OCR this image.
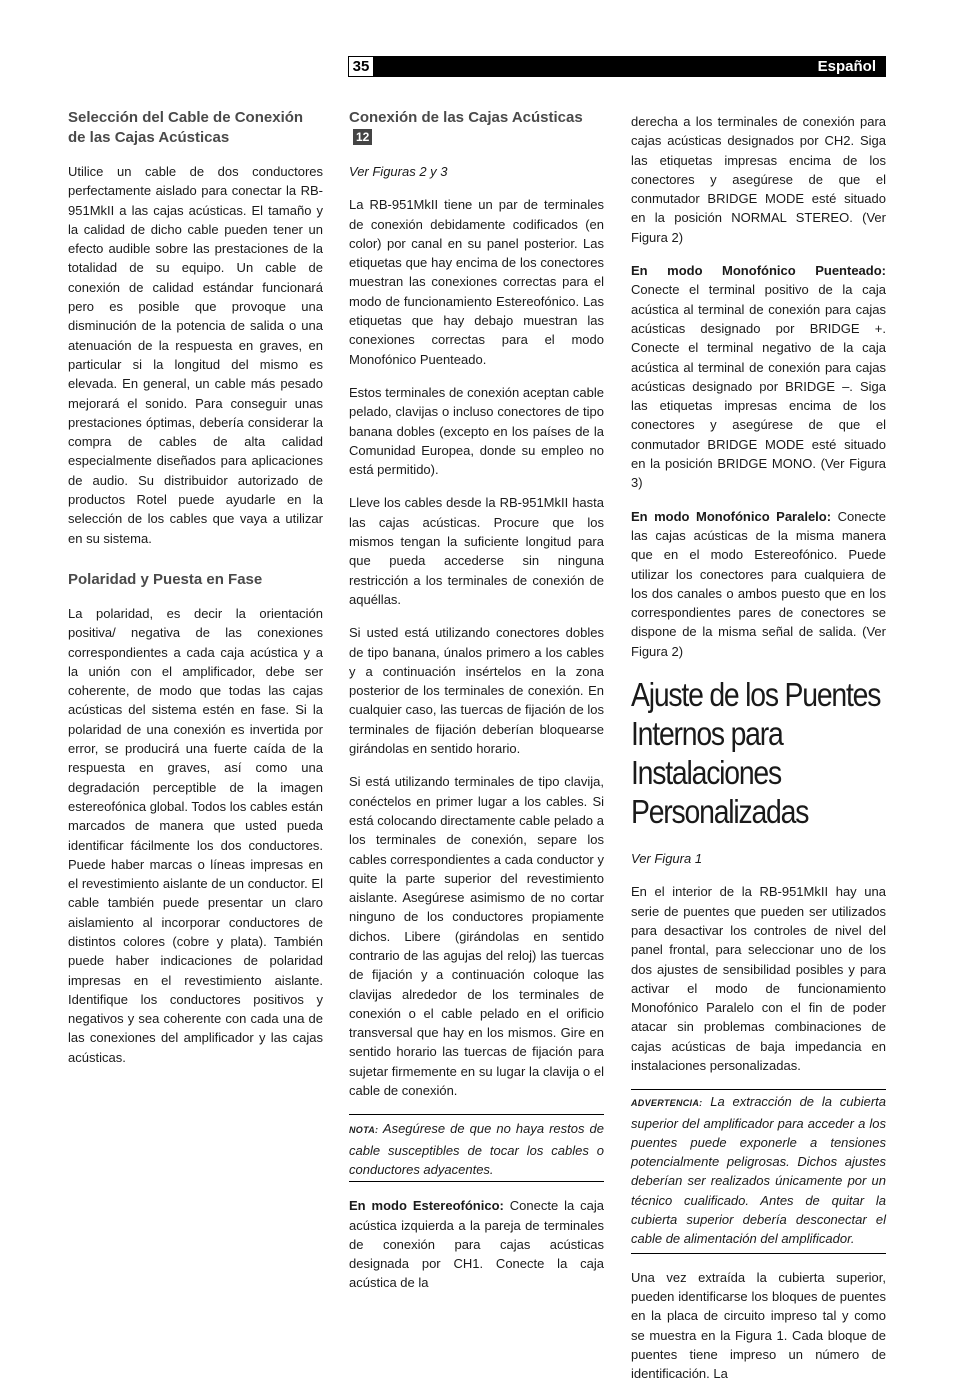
35	Español
Selección del Cable de Conexión de las Cajas Acústicas

Utilice un cable de dos conductores perfectamente aislado para conectar la RB-951MkII a las cajas acústicas. El tamaño y la calidad de dicho cable pueden tener un efecto audible sobre las prestaciones de la totalidad de su equipo. Un cable de conexión de calidad estándar funcionará pero es posible que provoque una disminución de la potencia de salida o una atenuación de la respuesta en graves, en particular si la longitud del mismo es elevada. En general, un cable más pesado mejorará el sonido. Para conseguir unas prestaciones óptimas, debería considerar la compra de cables de alta calidad especialmente diseñados para aplicaciones de audio. Su distribuidor autorizado de productos Rotel puede ayudarle en la selección de los cables que vaya a utilizar en su sistema.

Polaridad y Puesta en Fase

La polaridad, es decir la orientación positiva/ negativa de las conexiones correspondientes a cada caja acústica y a la unión con el amplificador, debe ser coherente, de modo que todas las cajas acústicas del sistema estén en fase. Si la polaridad de una conexión es invertida por error, se producirá una fuerte caída de la respuesta en graves, así como una degradación perceptible de la imagen estereofónica global. Todos los cables están marcados de manera que usted pueda identificar fácilmente los dos conductores. Puede haber marcas o líneas impresas en el revestimiento aislante de un conductor. El cable también puede presentar un claro aislamiento al incorporar conductores de distintos colores (cobre y plata). También puede haber indicaciones de polaridad impresas en el revestimiento aislante. Identifique los conductores positivos y negativos y sea coherente con cada una de las conexiones del amplificador y las cajas acústicas.

Conexión de las Cajas Acústicas12

Ver Figuras 2 y 3

La RB-951MkII tiene un par de terminales de conexión debidamente codificados (en color) por canal en su panel posterior. Las etiquetas que hay encima de los conectores muestran las conexiones correctas para el modo de funcionamiento Estereofónico. Las etiquetas que hay debajo muestran las conexiones correctas para el modo Monofónico Puenteado.

Estos terminales de conexión aceptan cable pelado, clavijas o incluso conectores de tipo banana dobles (excepto en los países de la Comunidad Europea, donde su empleo no está permitido).

Lleve los cables desde la RB-951MkII hasta las cajas acústicas. Procure que los mismos tengan la suficiente longitud para que pueda accederse sin ninguna restricción a los terminales de conexión de aquéllas.

Si usted está utilizando conectores dobles de tipo banana, únalos primero a los cables y a continuación insértelos en la zona posterior de los terminales de conexión. En cualquier caso, las tuercas de fijación de los terminales de fijación deberían bloquearse girándolas en sentido horario.

Si está utilizando terminales de tipo clavija, conéctelos en primer lugar a los cables. Si está colocando directamente cable pelado a los terminales de conexión, separe los cables correspondientes a cada conductor y quite la parte superior del revestimiento aislante. Asegúrese asimismo de no cortar ninguno de los conductores propiamente dichos. Libere (girándolas en sentido contrario de las agujas del reloj) las tuercas de fijación y a continuación coloque las clavijas alrededor de los terminales de conexión o el cable pelado en el orificio transversal que hay en los mismos. Gire en sentido horario las tuercas de fijación para sujetar firmemente en su lugar la clavija o el cable de conexión.

NOTA: Asegúrese de que no haya restos de cable susceptibles de tocar los cables o conductores adyacentes.

En modo Estereofónico: Conecte la caja acústica izquierda a la pareja de terminales de conexión para cajas acústicas designada por CH1. Conecte la caja acústica de la

derecha a los terminales de conexión para cajas acústicas designados por CH2. Siga las etiquetas impresas encima de los conectores y asegúrese de que el conmutador BRIDGE MODE esté situado en la posición NORMAL STEREO. (Ver Figura 2)

En modo Monofónico Puenteado: Conecte el terminal positivo de la caja acústica al terminal de conexión para cajas acústicas designado por BRIDGE +. Conecte el terminal negativo de la caja acústica al terminal de conexión para cajas acústicas designado por BRIDGE –. Siga las etiquetas impresas encima de los conectores y asegúrese de que el conmutador BRIDGE MODE esté situado en la posición BRIDGE MONO. (Ver Figura 3)

En modo Monofónico Paralelo: Conecte las cajas acústicas de la misma manera que en el modo Estereofónico. Puede utilizar los conectores para cualquiera de los dos canales o ambos puesto que en los correspondientes pares de conectores se dispone de la misma señal de salida. (Ver Figura 2)

Ajuste de los Puentes Internos para Instalaciones Personalizadas

Ver Figura 1

En el interior de la RB-951MkII hay una serie de puentes que pueden ser utilizados para desactivar los controles de nivel del panel frontal, para seleccionar uno de los dos ajustes de sensibilidad posibles y para activar el modo de funcionamiento Monofónico Paralelo con el fin de poder atacar sin problemas combinaciones de cajas acústicas de baja impedancia en instalaciones personalizadas.

ADVERTENCIA: La extracción de la cubierta superior del amplificador para acceder a los puentes puede exponerle a tensiones potencialmente peligrosas. Dichos ajustes deberían ser realizados únicamente por un técnico cualificado. Antes de quitar la cubierta superior debería desconectar el cable de alimentación del amplificador.

Una vez extraída la cubierta superior, pueden identificarse los bloques de puentes en la placa de circuito impreso tal y como se muestra en la Figura 1. Cada bloque de puentes tiene impreso un número de identificación. La
